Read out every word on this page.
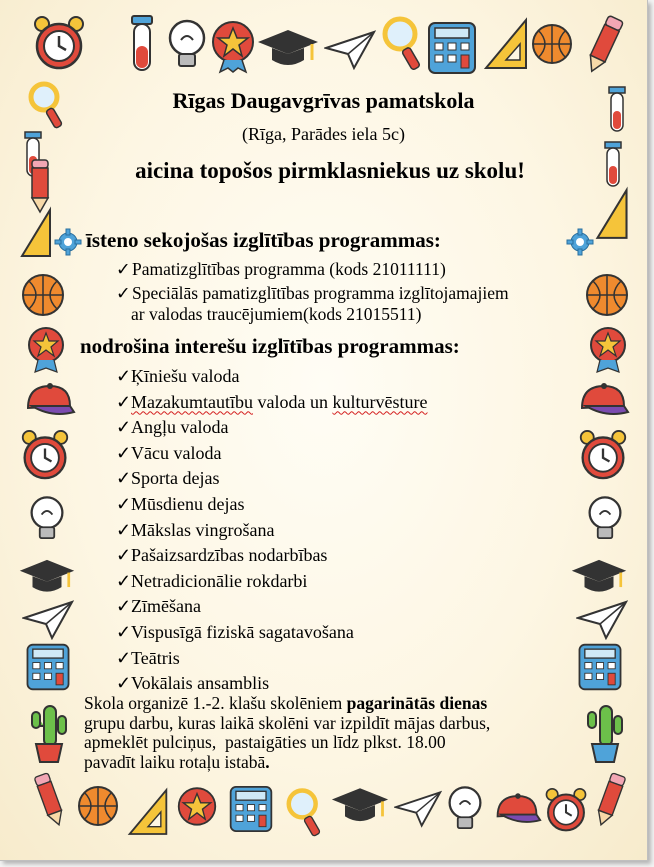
Rīgas Daugavgrīvas pamatskola
(Rīga, Parādes iela 5c)
aicina topošos pirmklasniekus uz skolu!
īsteno sekojošas izglītības programmas:
✓Pamatizglītības programma (kods 21011111)
✓Speciālās pamatizglītības programma izglītojamajiem
ar valodas traucējumiem(kods 21015511)
nodrošina interešu izglītības programmas:
✓Ķīniešu valoda
✓Mazakumtautību valoda un kulturvēsture
✓Angļu valoda
✓Vācu valoda
✓Sporta dejas
✓Mūsdienu dejas
✓Mākslas vingrošana
✓Pašaizsardzības nodarbības
✓Netradicionālie rokdarbi
✓Zīmēšana
✓Vispusīgā fiziskā sagatavošana
✓Teātris
✓Vokālais ansamblis
Skola organizē 1.-2. klašu skolēniem pagarinātās dienas
grupu darbu, kuras laikā skolēni var izpildīt mājas darbus,
apmeklēt pulciņus,  pastaigāties un līdz plkst. 18.00
pavadīt laiku rotaļu istabā.
